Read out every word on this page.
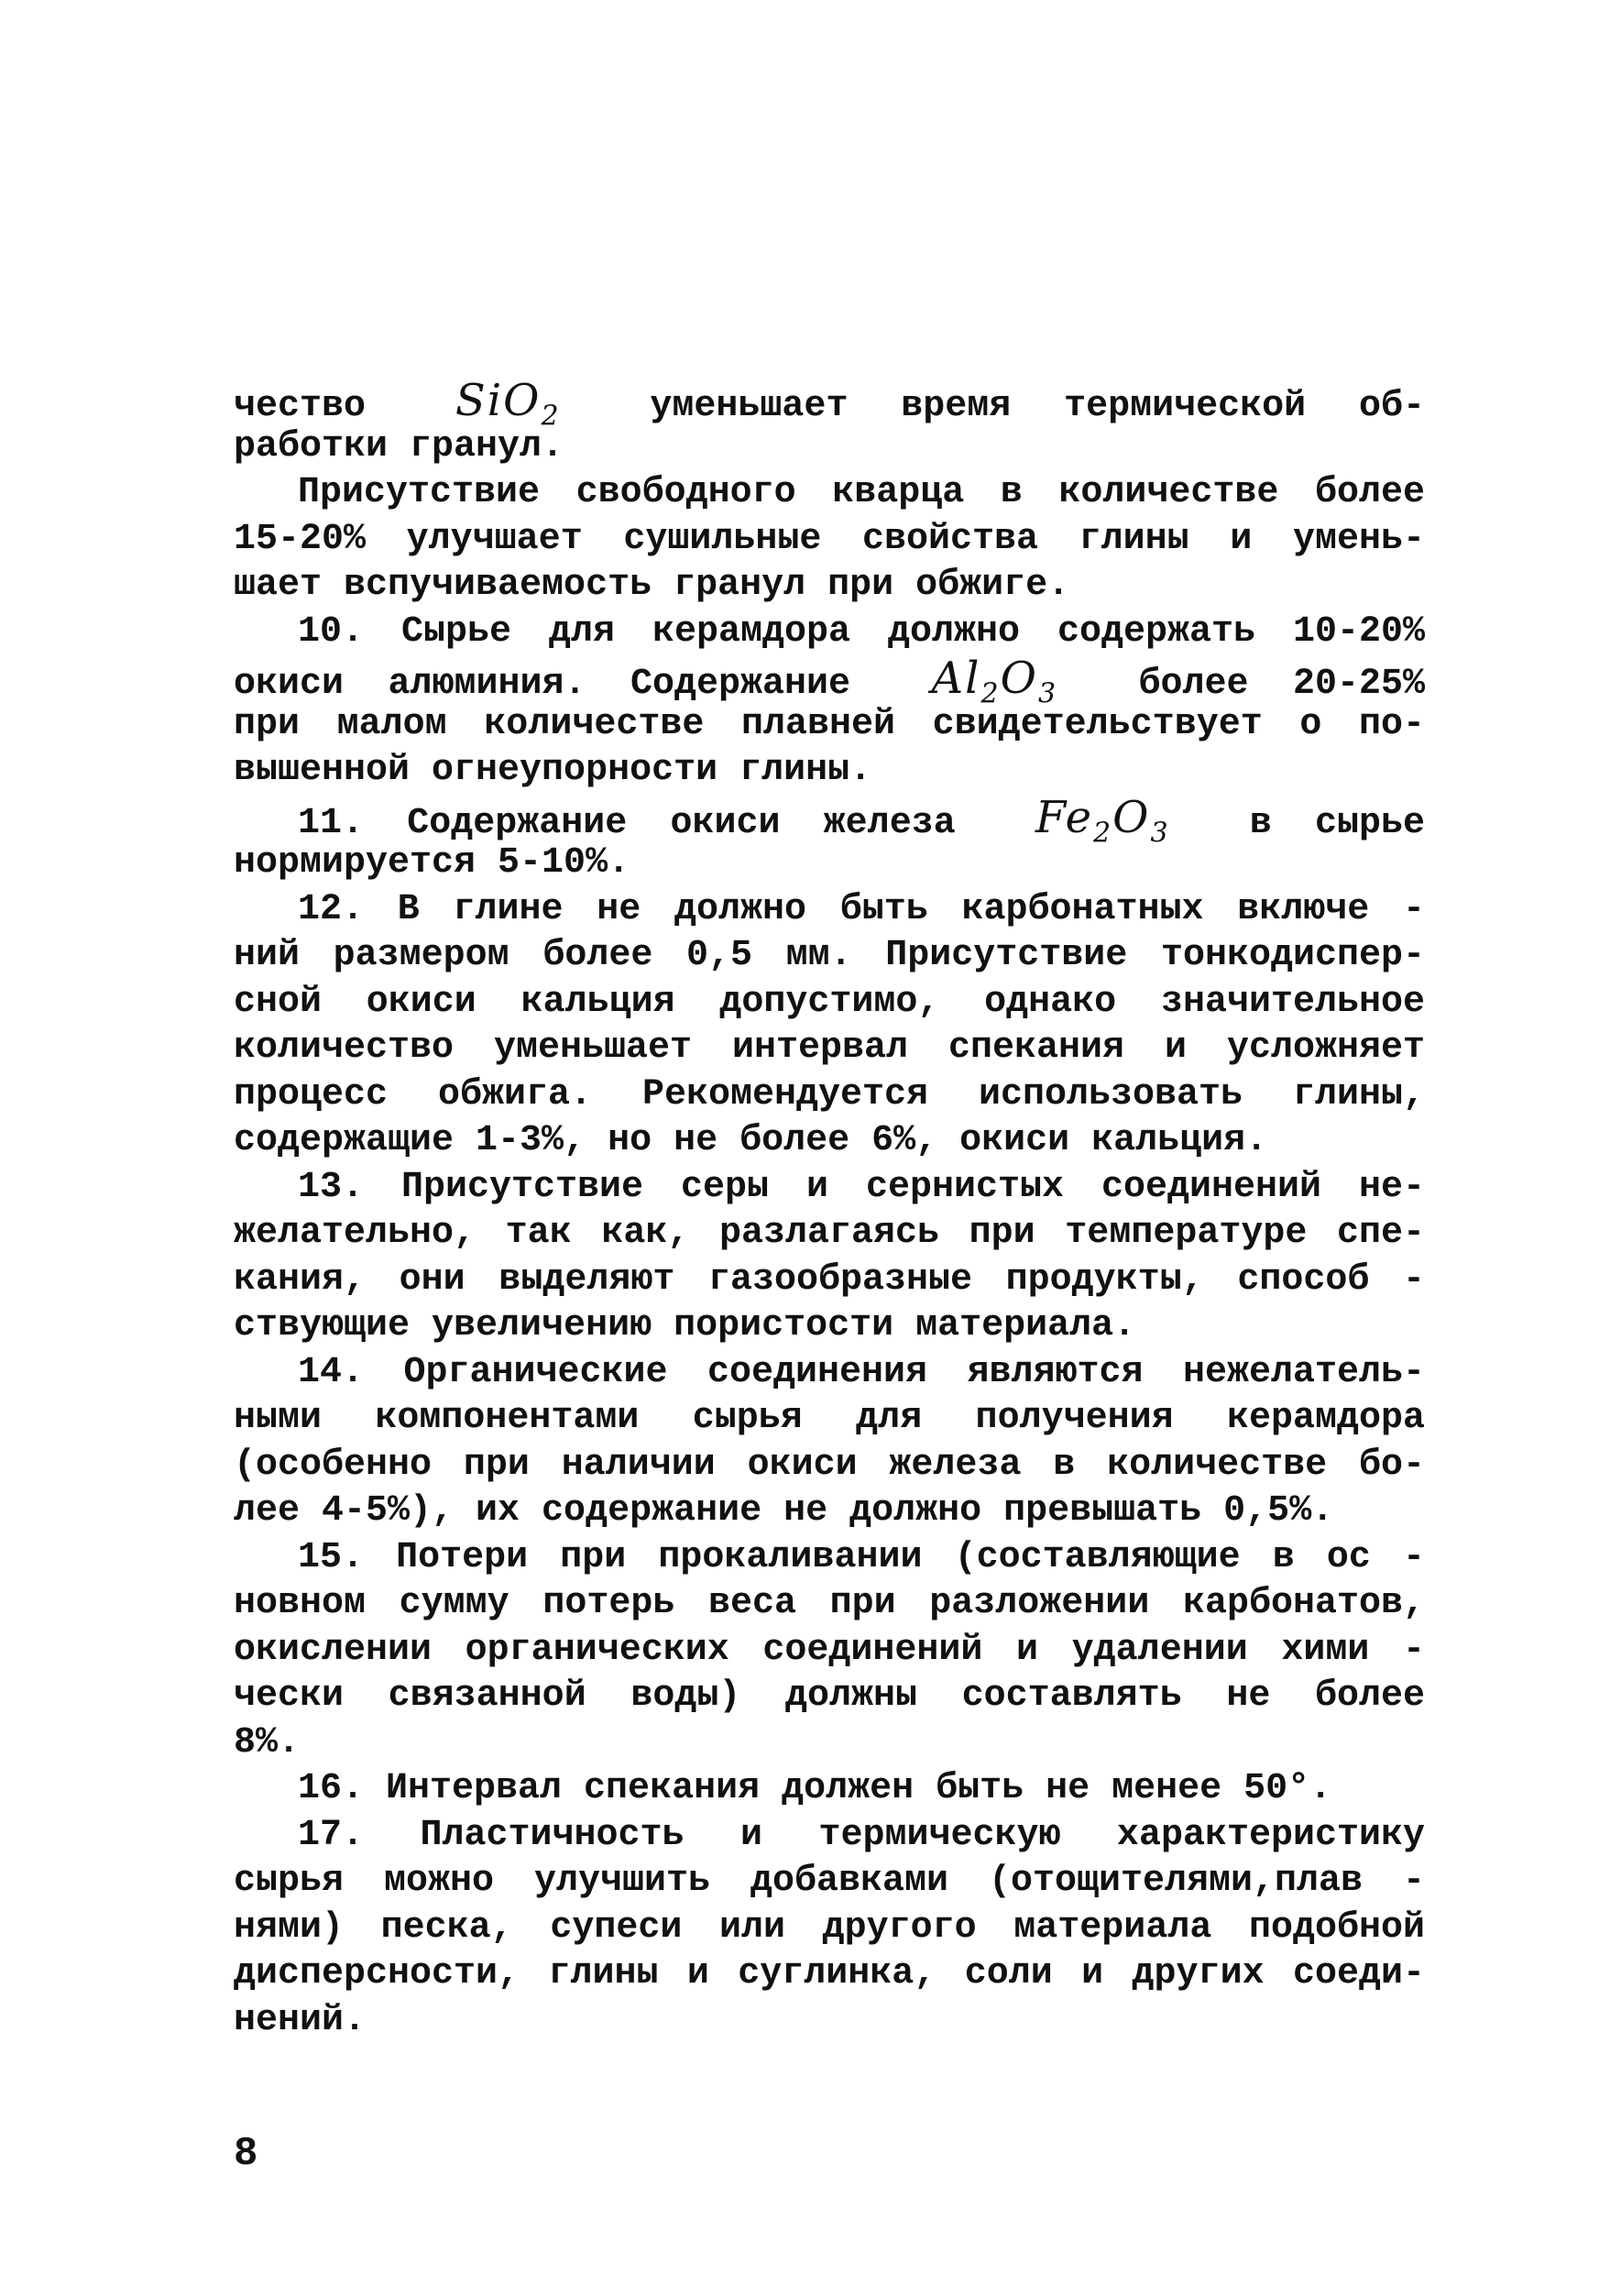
чество SiO$_2$ уменьшает время термической об-
работки гранул.
Присутствие свободного кварца в количестве более
15-20% улучшает сушильные свойства глины и умень-
шает вспучиваемость гранул при обжиге.
10. Сырье для керамдора должно содержать 10-20%
окиси алюминия. Содержание $Al_2O_3$ более 20-25%
при малом количестве плавней свидетельствует о по-
вышенной огнеупорности глины.
11. Содержание окиси железа $Fe_2O_3$ в сырье
нормируется 5-10%.
12. В глине не должно быть карбонатных включе -
ний размером более 0,5 мм. Присутствие тонкодиспер-
сной окиси кальция допустимо, однако значительное
количество уменьшает интервал спекания и усложняет
процесс обжига. Рекомендуется использовать глины,
содержащие 1-3%, но не более 6%, окиси кальция.
13. Присутствие серы и сернистых соединений не-
желательно, так как, разлагаясь при температуре спе-
кания, они выделяют газообразные продукты, способ -
ствующие увеличению пористости материала.
14. Органические соединения являются нежелатель-
ными компонентами сырья для получения керамдора
(особенно при наличии окиси железа в количестве бо-
лее 4-5%), их содержание не должно превышать 0,5%.
15. Потери при прокаливании (составляющие в ос -
новном сумму потерь веса при разложении карбонатов,
окислении органических соединений и удалении хими -
чески связанной воды) должны составлять не более
8%.
16. Интервал спекания должен быть не менее 50°.
17. Пластичность и термическую характеристику
сырья можно улучшить добавками (отощителями,плав -
нями) песка, супеси или другого материала подобной
дисперсности, глины и суглинка, соли и других соеди-
нений.
8
